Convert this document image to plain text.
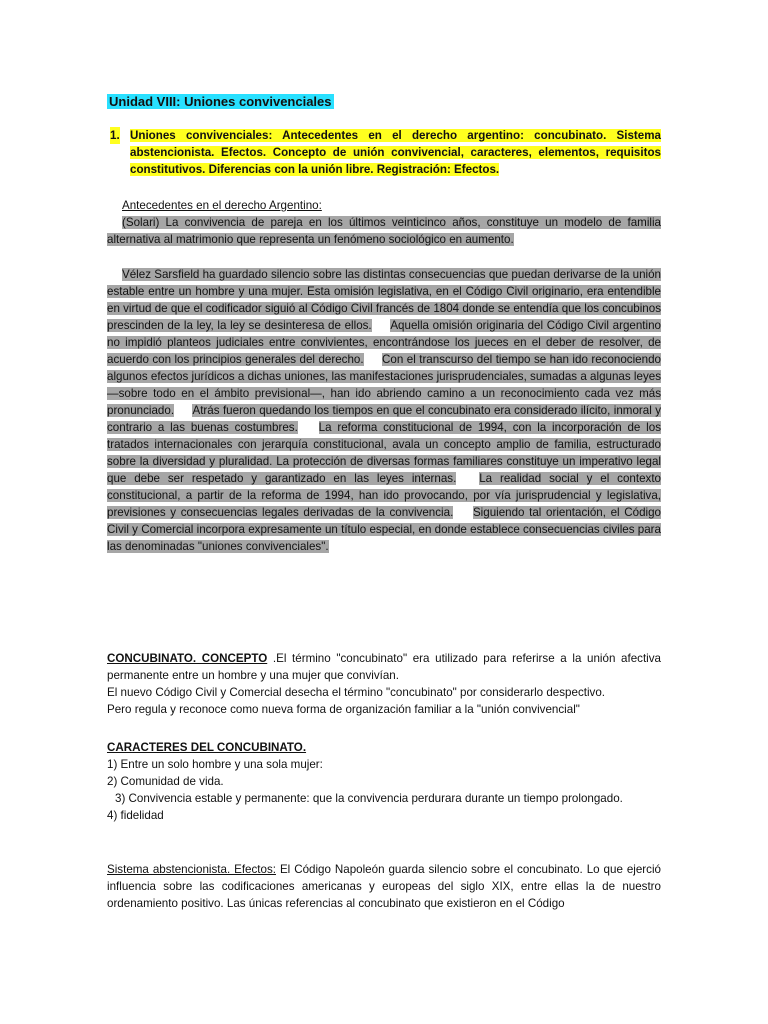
Unidad VIII: Uniones convivenciales
1. Uniones convivenciales: Antecedentes en el derecho argentino: concubinato. Sistema abstencionista. Efectos. Concepto de unión convivencial, caracteres, elementos, requisitos constitutivos. Diferencias con la unión libre. Registración: Efectos.
Antecedentes en el derecho Argentino:
(Solari) La convivencia de pareja en los últimos veinticinco años, constituye un modelo de familia alternativa al matrimonio que representa un fenómeno sociológico en aumento.
Vélez Sarsfield ha guardado silencio sobre las distintas consecuencias que puedan derivarse de la unión estable entre un hombre y una mujer. Esta omisión legislativa, en el Código Civil originario, era entendible en virtud de que el codificador siguió al Código Civil francés de 1804 donde se entendía que los concubinos prescinden de la ley, la ley se desinteresa de ellos. Aquella omisión originaria del Código Civil argentino no impidió planteos judiciales entre convivientes, encontrándose los jueces en el deber de resolver, de acuerdo con los principios generales del derecho. Con el transcurso del tiempo se han ido reconociendo algunos efectos jurídicos a dichas uniones, las manifestaciones jurisprudenciales, sumadas a algunas leyes —sobre todo en el ámbito previsional—, han ido abriendo camino a un reconocimiento cada vez más pronunciado. Atrás fueron quedando los tiempos en que el concubinato era considerado ilícito, inmoral y contrario a las buenas costumbres. La reforma constitucional de 1994, con la incorporación de los tratados internacionales con jerarquía constitucional, avala un concepto amplio de familia, estructurado sobre la diversidad y pluralidad. La protección de diversas formas familiares constituye un imperativo legal que debe ser respetado y garantizado en las leyes internas. La realidad social y el contexto constitucional, a partir de la reforma de 1994, han ido provocando, por vía jurisprudencial y legislativa, previsiones y consecuencias legales derivadas de la convivencia. Siguiendo tal orientación, el Código Civil y Comercial incorpora expresamente un título especial, en donde establece consecuencias civiles para las denominadas "uniones convivenciales".
CONCUBINATO. CONCEPTO .El término "concubinato" era utilizado para referirse a la unión afectiva permanente entre un hombre y una mujer que convivían.
El nuevo Código Civil y Comercial desecha el término "concubinato" por considerarlo despectivo.
Pero regula y reconoce como nueva forma de organización familiar a la "unión convivencial"
CARACTERES DEL CONCUBINATO.
1) Entre un solo hombre y una sola mujer:
2) Comunidad de vida.
3) Convivencia estable y permanente: que la convivencia perdurara durante un tiempo prolongado.
4) fidelidad
Sistema abstencionista. Efectos: El Código Napoleón guarda silencio sobre el concubinato. Lo que ejerció influencia sobre las codificaciones americanas y europeas del siglo XIX, entre ellas la de nuestro ordenamiento positivo. Las únicas referencias al concubinato que existieron en el Código
